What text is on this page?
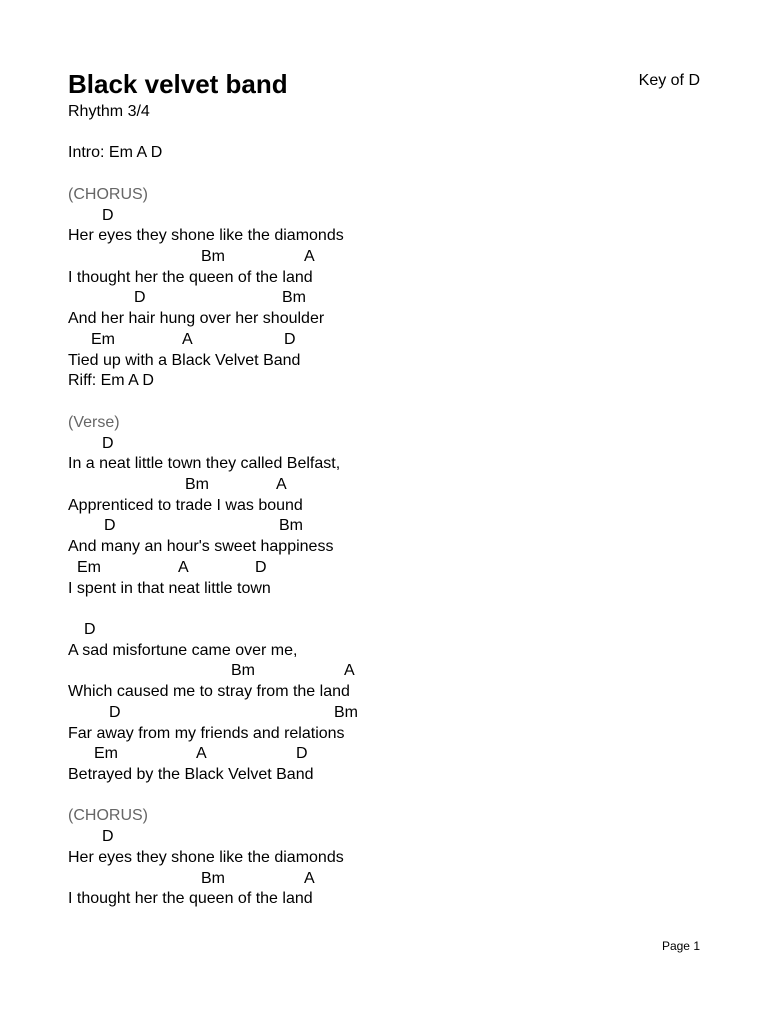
Black velvet band	Key of D
Rhythm 3/4
Intro: Em A D
(CHORUS)
D
Her eyes they shone like the diamonds
Bm	A
I thought her the queen of the land
D	Bm
And her hair hung over her shoulder
Em	A	D
Tied up with a Black Velvet Band
Riff: Em A D
(Verse)
D
In a neat little town they called Belfast,
Bm	A
Apprenticed to trade I was bound
D	Bm
And many an hour's sweet happiness
Em	A	D
I spent in that neat little town
D
A sad misfortune came over me,
Bm	A
Which caused me to stray from the land
D	Bm
Far away from my friends and relations
Em	A	D
Betrayed by the Black Velvet Band
(CHORUS)
D
Her eyes they shone like the diamonds
Bm	A
I thought her the queen of the land
Page 1
